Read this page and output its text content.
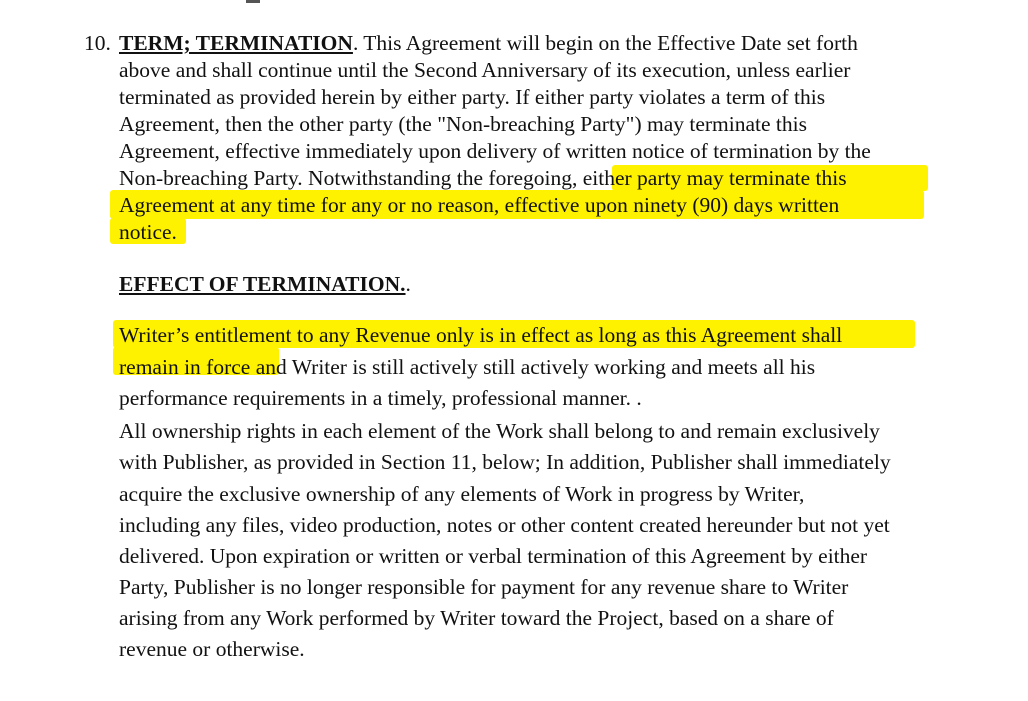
10. TERM; TERMINATION. This Agreement will begin on the Effective Date set forth
above and shall continue until the Second Anniversary of its execution, unless earlier
terminated as provided herein by either party. If either party violates a term of this
Agreement, then the other party (the "Non-breaching Party") may terminate this
Agreement, effective immediately upon delivery of written notice of termination by the
Non-breaching Party. Notwithstanding the foregoing, either party may terminate this
Agreement at any time for any or no reason, effective upon ninety (90) days written
notice.
EFFECT OF TERMINATION..
Writer’s entitlement to any Revenue only is in effect as long as this Agreement shall
remain in force and Writer is still actively still actively working and meets all his
performance requirements in a timely, professional manner. .
All ownership rights in each element of the Work shall belong to and remain exclusively
with Publisher, as provided in Section 11, below; In addition, Publisher shall immediately
acquire the exclusive ownership of any elements of Work in progress by Writer,
including any files, video production, notes or other content created hereunder but not yet
delivered. Upon expiration or written or verbal termination of this Agreement by either
Party, Publisher is no longer responsible for payment for any revenue share to Writer
arising from any Work performed by Writer toward the Project, based on a share of
revenue or otherwise.
